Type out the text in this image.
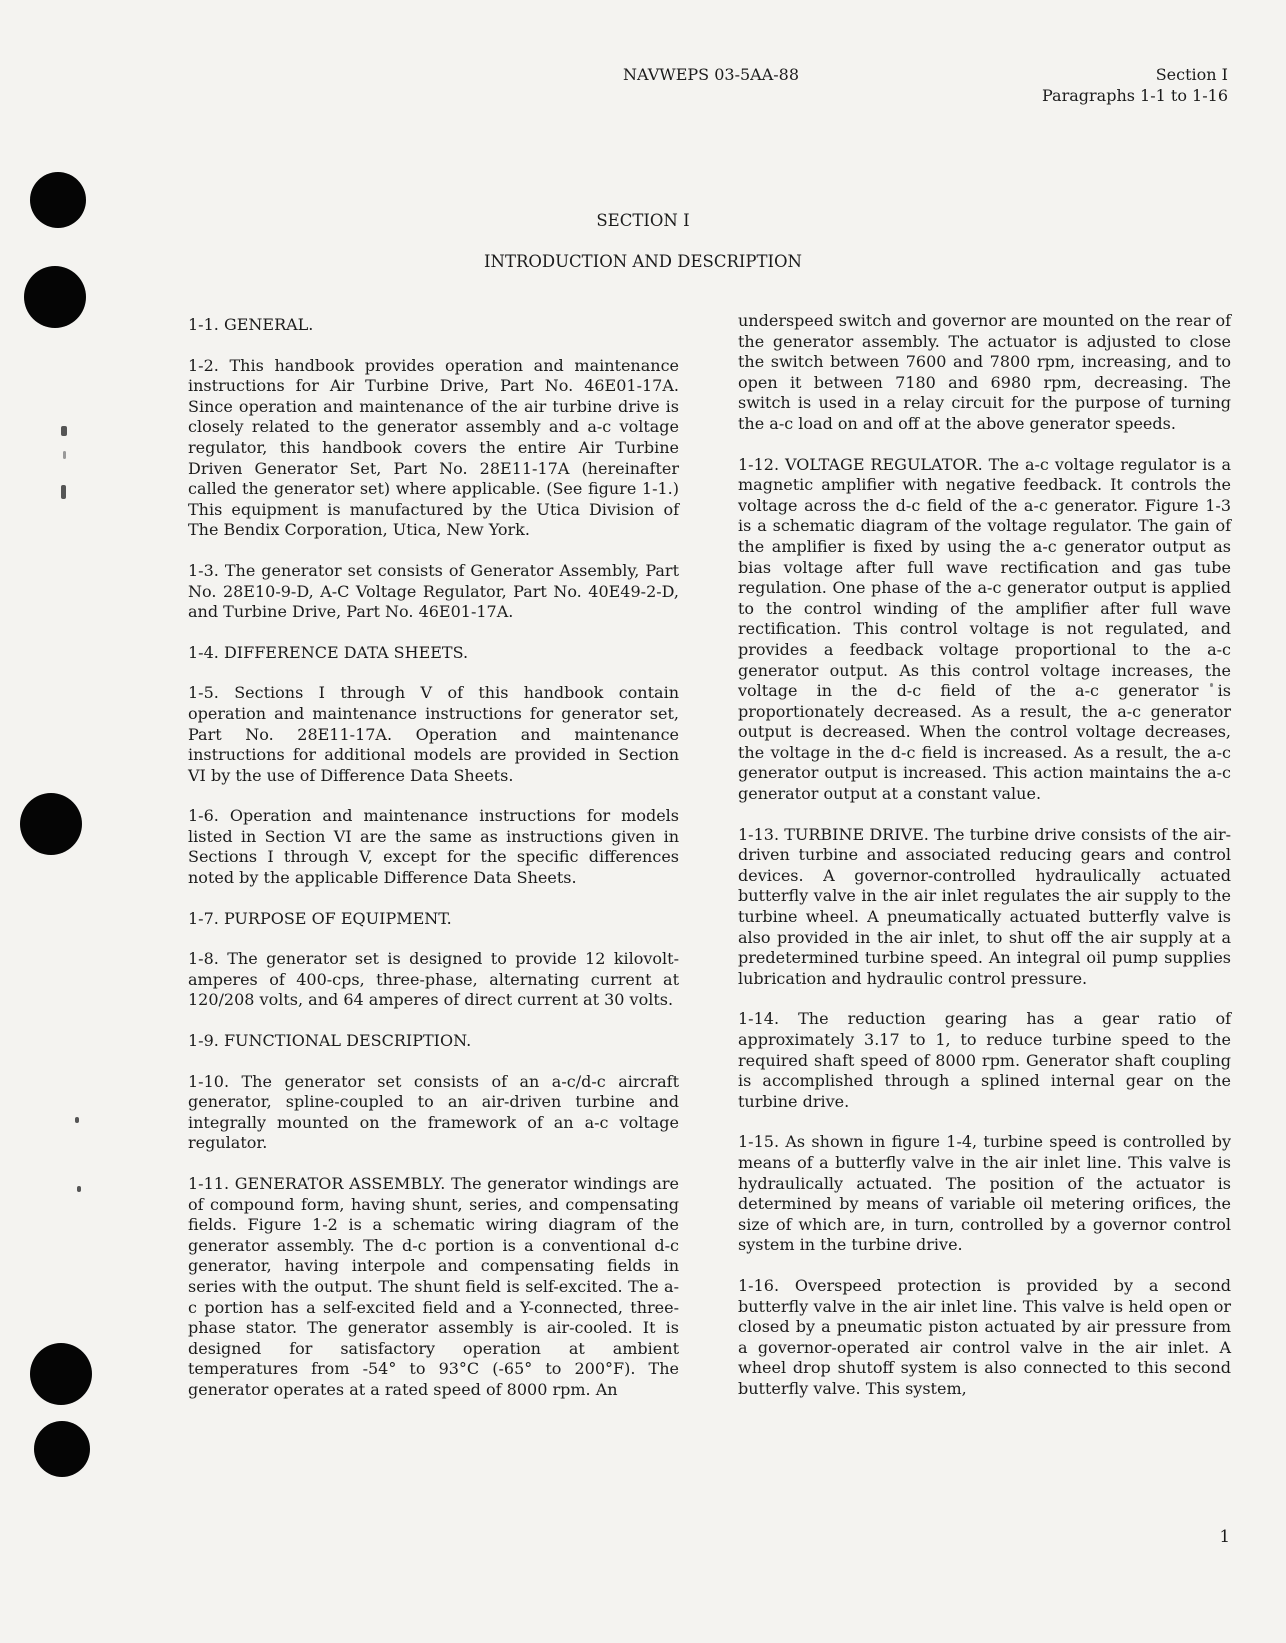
NAVWEPS 03-5AA-88	Section I
Paragraphs 1-1 to 1-16
SECTION I
INTRODUCTION AND DESCRIPTION
1-1. GENERAL.

1-2. This handbook provides operation and maintenance instructions for Air Turbine Drive, Part No. 46E01-17A. Since operation and maintenance of the air turbine drive is closely related to the generator assembly and a-c voltage regulator, this handbook covers the entire Air Turbine Driven Generator Set, Part No. 28E11-17A (hereinafter called the generator set) where applicable. (See figure 1-1.) This equipment is manufactured by the Utica Division of The Bendix Corporation, Utica, New York.

1-3. The generator set consists of Generator Assembly, Part No. 28E10-9-D, A-C Voltage Regulator, Part No. 40E49-2-D, and Turbine Drive, Part No. 46E01-17A.

1-4. DIFFERENCE DATA SHEETS.

1-5. Sections I through V of this handbook contain operation and maintenance instructions for generator set, Part No. 28E11-17A. Operation and maintenance instructions for additional models are provided in Section VI by the use of Difference Data Sheets.

1-6. Operation and maintenance instructions for models listed in Section VI are the same as instructions given in Sections I through V, except for the specific differences noted by the applicable Difference Data Sheets.

1-7. PURPOSE OF EQUIPMENT.

1-8. The generator set is designed to provide 12 kilovolt-amperes of 400-cps, three-phase, alternating current at 120/208 volts, and 64 amperes of direct current at 30 volts.

1-9. FUNCTIONAL DESCRIPTION.

1-10. The generator set consists of an a-c/d-c aircraft generator, spline-coupled to an air-driven turbine and integrally mounted on the framework of an a-c voltage regulator.

1-11. GENERATOR ASSEMBLY. The generator windings are of compound form, having shunt, series, and compensating fields. Figure 1-2 is a schematic wiring diagram of the generator assembly. The d-c portion is a conventional d-c generator, having interpole and compensating fields in series with the output. The shunt field is self-excited. The a-c portion has a self-excited field and a Y-connected, three-phase stator. The generator assembly is air-cooled. It is designed for satisfactory operation at ambient temperatures from -54° to 93°C (-65° to 200°F). The generator operates at a rated speed of 8000 rpm. An

underspeed switch and governor are mounted on the rear of the generator assembly. The actuator is adjusted to close the switch between 7600 and 7800 rpm, increasing, and to open it between 7180 and 6980 rpm, decreasing. The switch is used in a relay circuit for the purpose of turning the a-c load on and off at the above generator speeds.

1-12. VOLTAGE REGULATOR. The a-c voltage regulator is a magnetic amplifier with negative feedback. It controls the voltage across the d-c field of the a-c generator. Figure 1-3 is a schematic diagram of the voltage regulator. The gain of the amplifier is fixed by using the a-c generator output as bias voltage after full wave rectification and gas tube regulation. One phase of the a-c generator output is applied to the control winding of the amplifier after full wave rectification. This control voltage is not regulated, and provides a feedback voltage proportional to the a-c generator output. As this control voltage increases, the voltage in the d-c field of the a-c generator is proportionately decreased. As a result, the a-c generator output is decreased. When the control voltage decreases, the voltage in the d-c field is increased. As a result, the a-c generator output is increased. This action maintains the a-c generator output at a constant value.

1-13. TURBINE DRIVE. The turbine drive consists of the air-driven turbine and associated reducing gears and control devices. A governor-controlled hydraulically actuated butterfly valve in the air inlet regulates the air supply to the turbine wheel. A pneumatically actuated butterfly valve is also provided in the air inlet, to shut off the air supply at a predetermined turbine speed. An integral oil pump supplies lubrication and hydraulic control pressure.

1-14. The reduction gearing has a gear ratio of approximately 3.17 to 1, to reduce turbine speed to the required shaft speed of 8000 rpm. Generator shaft coupling is accomplished through a splined internal gear on the turbine drive.

1-15. As shown in figure 1-4, turbine speed is controlled by means of a butterfly valve in the air inlet line. This valve is hydraulically actuated. The position of the actuator is determined by means of variable oil metering orifices, the size of which are, in turn, controlled by a governor control system in the turbine drive.

1-16. Overspeed protection is provided by a second butterfly valve in the air inlet line. This valve is held open or closed by a pneumatic piston actuated by air pressure from a governor-operated air control valve in the air inlet. A wheel drop shutoff system is also connected to this second butterfly valve. This system,

1
